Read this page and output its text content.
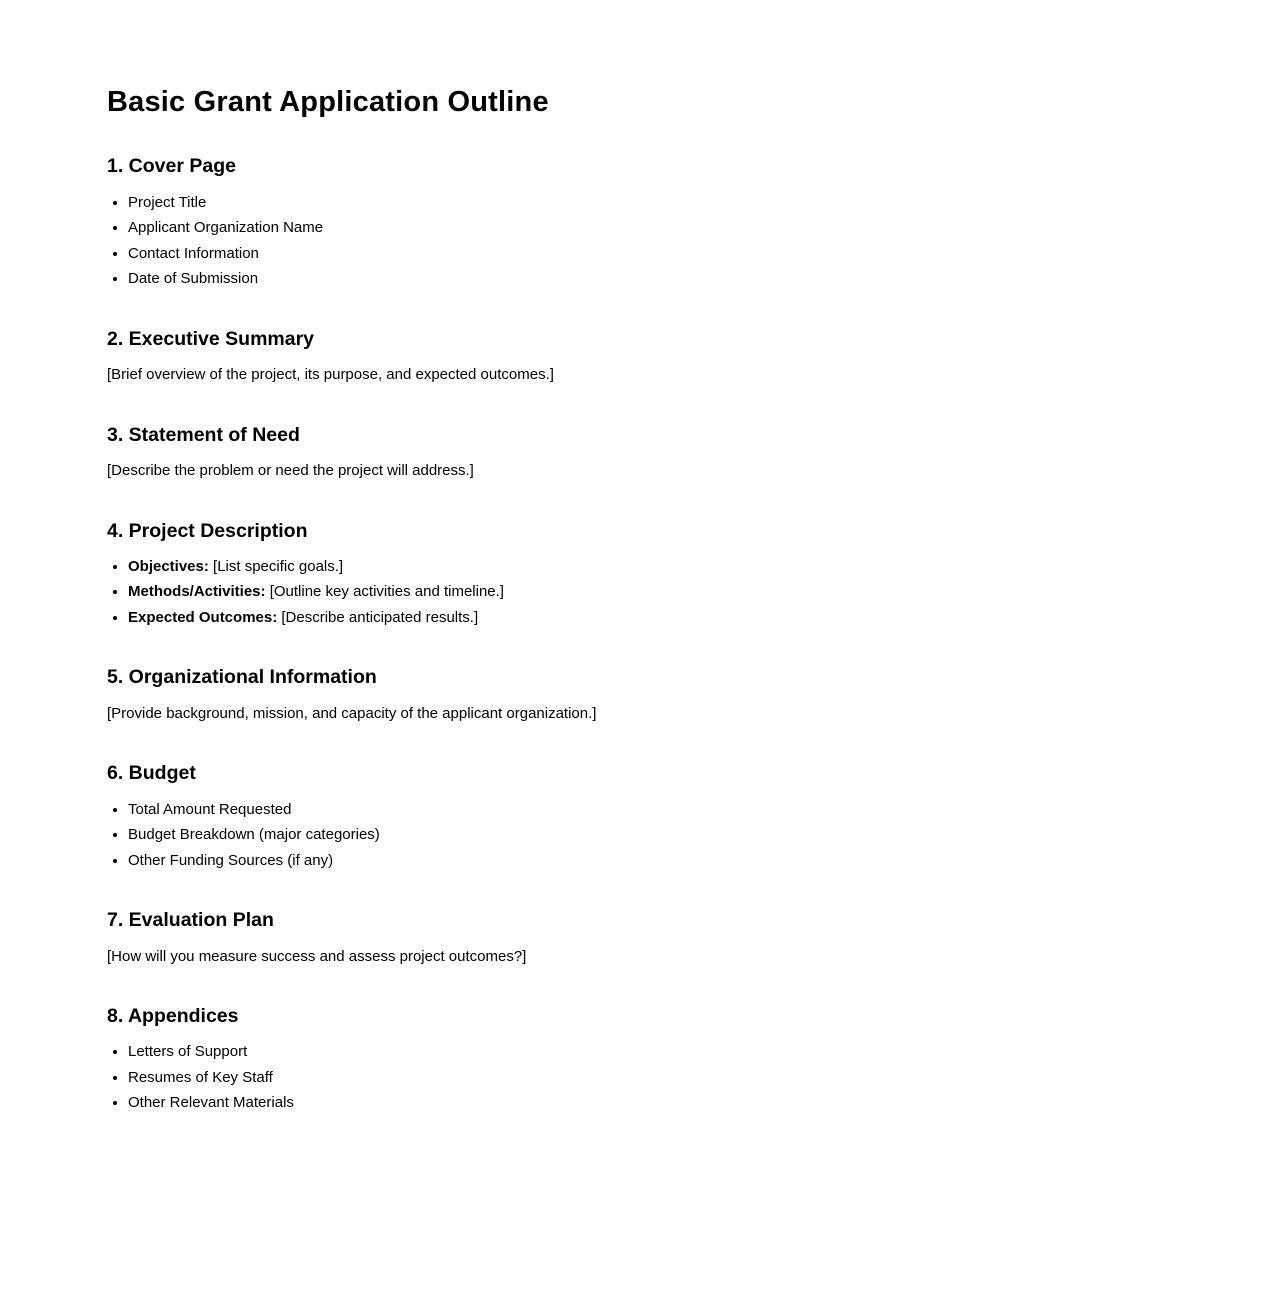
Basic Grant Application Outline
1. Cover Page
• Project Title
• Applicant Organization Name
• Contact Information
• Date of Submission
2. Executive Summary

[Brief overview of the project, its purpose, and expected outcomes.]

3. Statement of Need

[Describe the problem or need the project will address.]

4. Project Description
• Objectives: [List specific goals.]
• Methods/Activities: [Outline key activities and timeline.]
• Expected Outcomes: [Describe anticipated results.]
5. Organizational Information

[Provide background, mission, and capacity of the applicant organization.]

6. Budget
• Total Amount Requested
• Budget Breakdown (major categories)
• Other Funding Sources (if any)
7. Evaluation Plan

[How will you measure success and assess project outcomes?]

8. Appendices
• Letters of Support
• Resumes of Key Staff
• Other Relevant Materials
